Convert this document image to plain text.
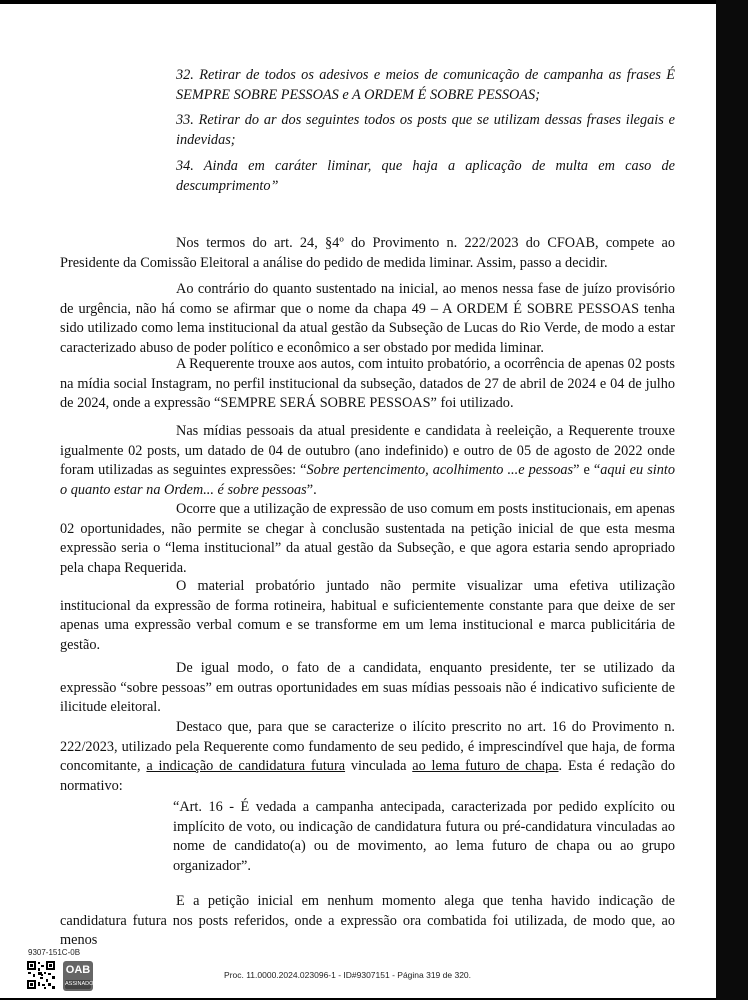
32. Retirar de todos os adesivos e meios de comunicação de campanha as frases É SEMPRE SOBRE PESSOAS e A ORDEM É SOBRE PESSOAS;
33. Retirar do ar dos seguintes todos os posts que se utilizam dessas frases ilegais e indevidas;
34. Ainda em caráter liminar, que haja a aplicação de multa em caso de descumprimento”
Nos termos do art. 24, §4º do Provimento n. 222/2023 do CFOAB, compete ao Presidente da Comissão Eleitoral a análise do pedido de medida liminar. Assim, passo a decidir.
Ao contrário do quanto sustentado na inicial, ao menos nessa fase de juízo provisório de urgência, não há como se afirmar que o nome da chapa 49 – A ORDEM É SOBRE PESSOAS tenha sido utilizado como lema institucional da atual gestão da Subseção de Lucas do Rio Verde, de modo a estar caracterizado abuso de poder político e econômico a ser obstado por medida liminar.
A Requerente trouxe aos autos, com intuito probatório, a ocorrência de apenas 02 posts na mídia social Instagram, no perfil institucional da subseção, datados de 27 de abril de 2024 e 04 de julho de 2024, onde a expressão “SEMPRE SERÁ SOBRE PESSOAS” foi utilizado.
Nas mídias pessoais da atual presidente e candidata à reeleição, a Requerente trouxe igualmente 02 posts, um datado de 04 de outubro (ano indefinido) e outro de 05 de agosto de 2022 onde foram utilizadas as seguintes expressões: “Sobre pertencimento, acolhimento ...e pessoas” e “aqui eu sinto o quanto estar na Ordem... é sobre pessoas”.
Ocorre que a utilização de expressão de uso comum em posts institucionais, em apenas 02 oportunidades, não permite se chegar à conclusão sustentada na petição inicial de que esta mesma expressão seria o “lema institucional” da atual gestão da Subseção, e que agora estaria sendo apropriado pela chapa Requerida.
O material probatório juntado não permite visualizar uma efetiva utilização institucional da expressão de forma rotineira, habitual e suficientemente constante para que deixe de ser apenas uma expressão verbal comum e se transforme em um lema institucional e marca publicitária de gestão.
De igual modo, o fato de a candidata, enquanto presidente, ter se utilizado da expressão “sobre pessoas” em outras oportunidades em suas mídias pessoais não é indicativo suficiente de ilicitude eleitoral.
Destaco que, para que se caracterize o ilícito prescrito no art. 16 do Provimento n. 222/2023, utilizado pela Requerente como fundamento de seu pedido, é imprescindível que haja, de forma concomitante, a indicação de candidatura futura vinculada ao lema futuro de chapa. Esta é redação do normativo:
“Art. 16 - É vedada a campanha antecipada, caracterizada por pedido explícito ou implícito de voto, ou indicação de candidatura futura ou pré-candidatura vinculadas ao nome de candidato(a) ou de movimento, ao lema futuro de chapa ou ao grupo organizador”.
E a petição inicial em nenhum momento alega que tenha havido indicação de candidatura futura nos posts referidos, onde a expressão ora combatida foi utilizada, de modo que, ao menos
9307-151C-0B
OAB
ASSINADO
Proc. 11.0000.2024.023096-1 - ID#9307151 - Página 319 de 320.
